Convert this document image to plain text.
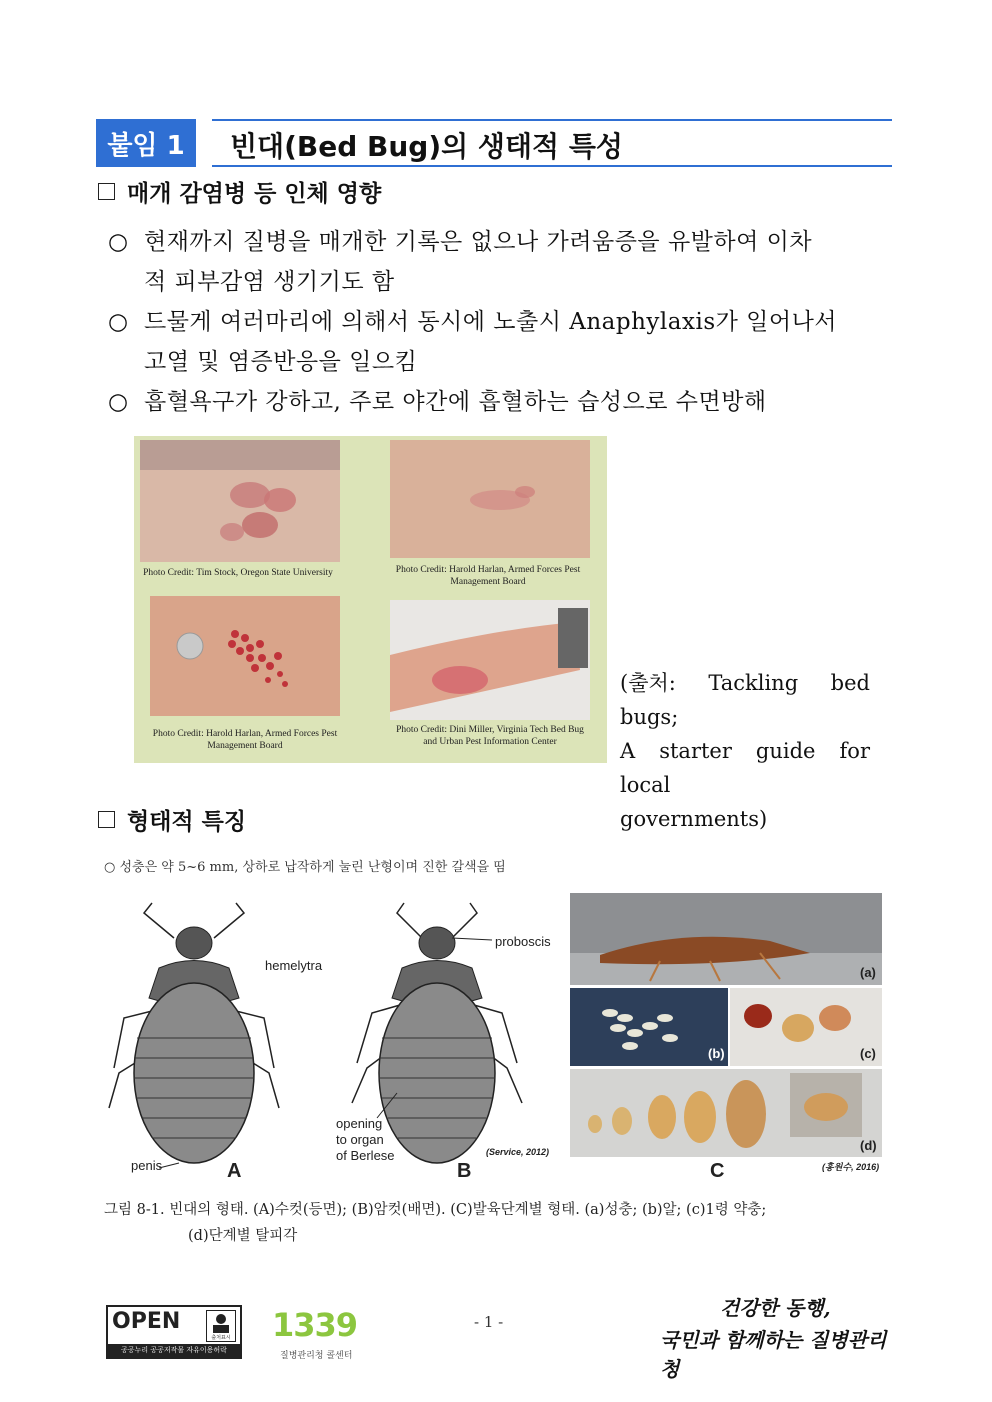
붙임 1	빈대(Bed Bug)의 생태적 특성
매개 감염병 등 인체 영향
○ 현재까지 질병을 매개한 기록은 없으나 가려움증을 유발하여 이차
적 피부감염 생기기도 함
○ 드물게 여러마리에 의해서 동시에 노출시 Anaphylaxis가 일어나서
고열 및 염증반응을 일으킴
○ 흡혈욕구가 강하고, 주로 야간에 흡혈하는 습성으로 수면방해
Photo Credit: Tim Stock, Oregon State University	Photo Credit: Harold Harlan, Armed Forces Pest Management Board
Photo Credit: Harold Harlan, Armed Forces Pest Management Board
Photo Credit: Dini Miller, Virginia Tech Bed Bug and Urban Pest Information Center
(출처: Tackling bed bugs;
A starter guide for local
governments)
형태적 특징
○ 성충은 약 5~6 mm, 상하로 납작하게 눌린 난형이며 진한 갈색을 띰
hemelytra
penis	A
proboscis
opening
to organ
of Berlese	(Service, 2012)
B
(a)
(b)	(c)
(d)
C	(홍원수, 2016)
그림 8-1. 빈대의 형태. (A)수컷(등면); (B)암컷(배면). (C)발육단계별 형태. (a)성충; (b)알; (c)1령 약충;
(d)단계별 탈피각
OPEN
출처표시
공공누리 공공저작물 자유이용허락
1339
질병관리청 콜센터
- 1 -
건강한 동행,
국민과 함께하는 질병관리청
